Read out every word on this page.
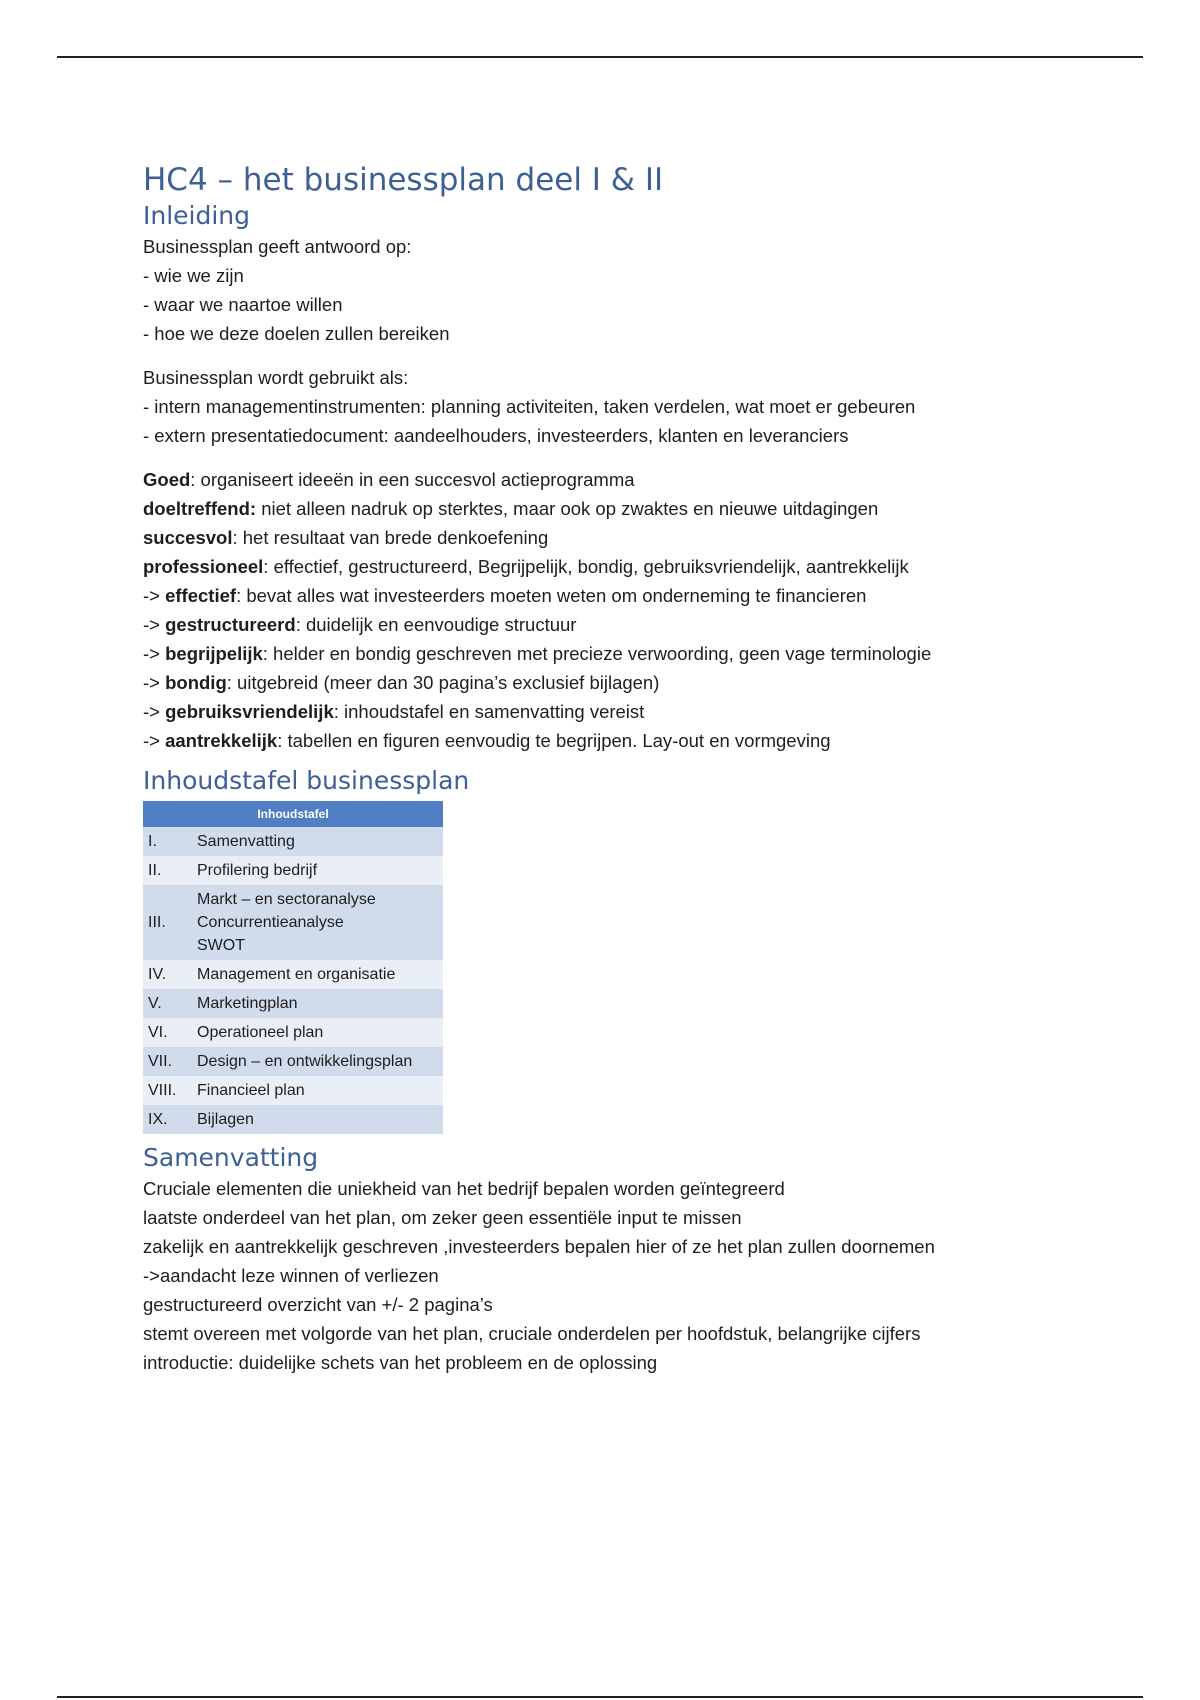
HC4 – het businessplan deel I & II
Inleiding
Businessplan geeft antwoord op:
- wie we zijn
- waar we naartoe willen
- hoe we deze doelen zullen bereiken
Businessplan wordt gebruikt als:
- intern managementinstrumenten: planning activiteiten, taken verdelen, wat moet er gebeuren
- extern presentatiedocument: aandeelhouders, investeerders, klanten en leveranciers
Goed: organiseert ideeën in een succesvol actieprogramma
doeltreffend: niet alleen nadruk op sterktes, maar ook op zwaktes en nieuwe uitdagingen
succesvol: het resultaat van brede denkoefening
professioneel: effectief, gestructureerd, Begrijpelijk, bondig, gebruiksvriendelijk, aantrekkelijk
-> effectief: bevat alles wat investeerders moeten weten om onderneming te financieren
-> gestructureerd: duidelijk en eenvoudige structuur
-> begrijpelijk: helder en bondig geschreven met precieze verwoording, geen vage terminologie
-> bondig: uitgebreid (meer dan 30 pagina’s exclusief bijlagen)
-> gebruiksvriendelijk: inhoudstafel en samenvatting vereist
-> aantrekkelijk: tabellen en figuren eenvoudig te begrijpen. Lay-out en vormgeving
Inhoudstafel businessplan
Inhoudstafel	
I.	Samenvatting

II.	Profilering bedrijf

III.	Markt – en sectoranalyse
Concurrentieanalyse
SWOT

IV.	Management en organisatie

V.	Marketingplan

VI.	Operationeel plan

VII.	Design – en ontwikkelingsplan

VIII.	Financieel plan

IX.	Bijlagen
Samenvatting
Cruciale elementen die uniekheid van het bedrijf bepalen worden geïntegreerd
laatste onderdeel van het plan, om zeker geen essentiële input te missen
zakelijk en aantrekkelijk geschreven ,investeerders bepalen hier of ze het plan zullen doornemen
->aandacht leze winnen of verliezen
gestructureerd overzicht van +/- 2 pagina’s
stemt overeen met volgorde van het plan, cruciale onderdelen per hoofdstuk, belangrijke cijfers
introductie: duidelijke schets van het probleem en de oplossing
